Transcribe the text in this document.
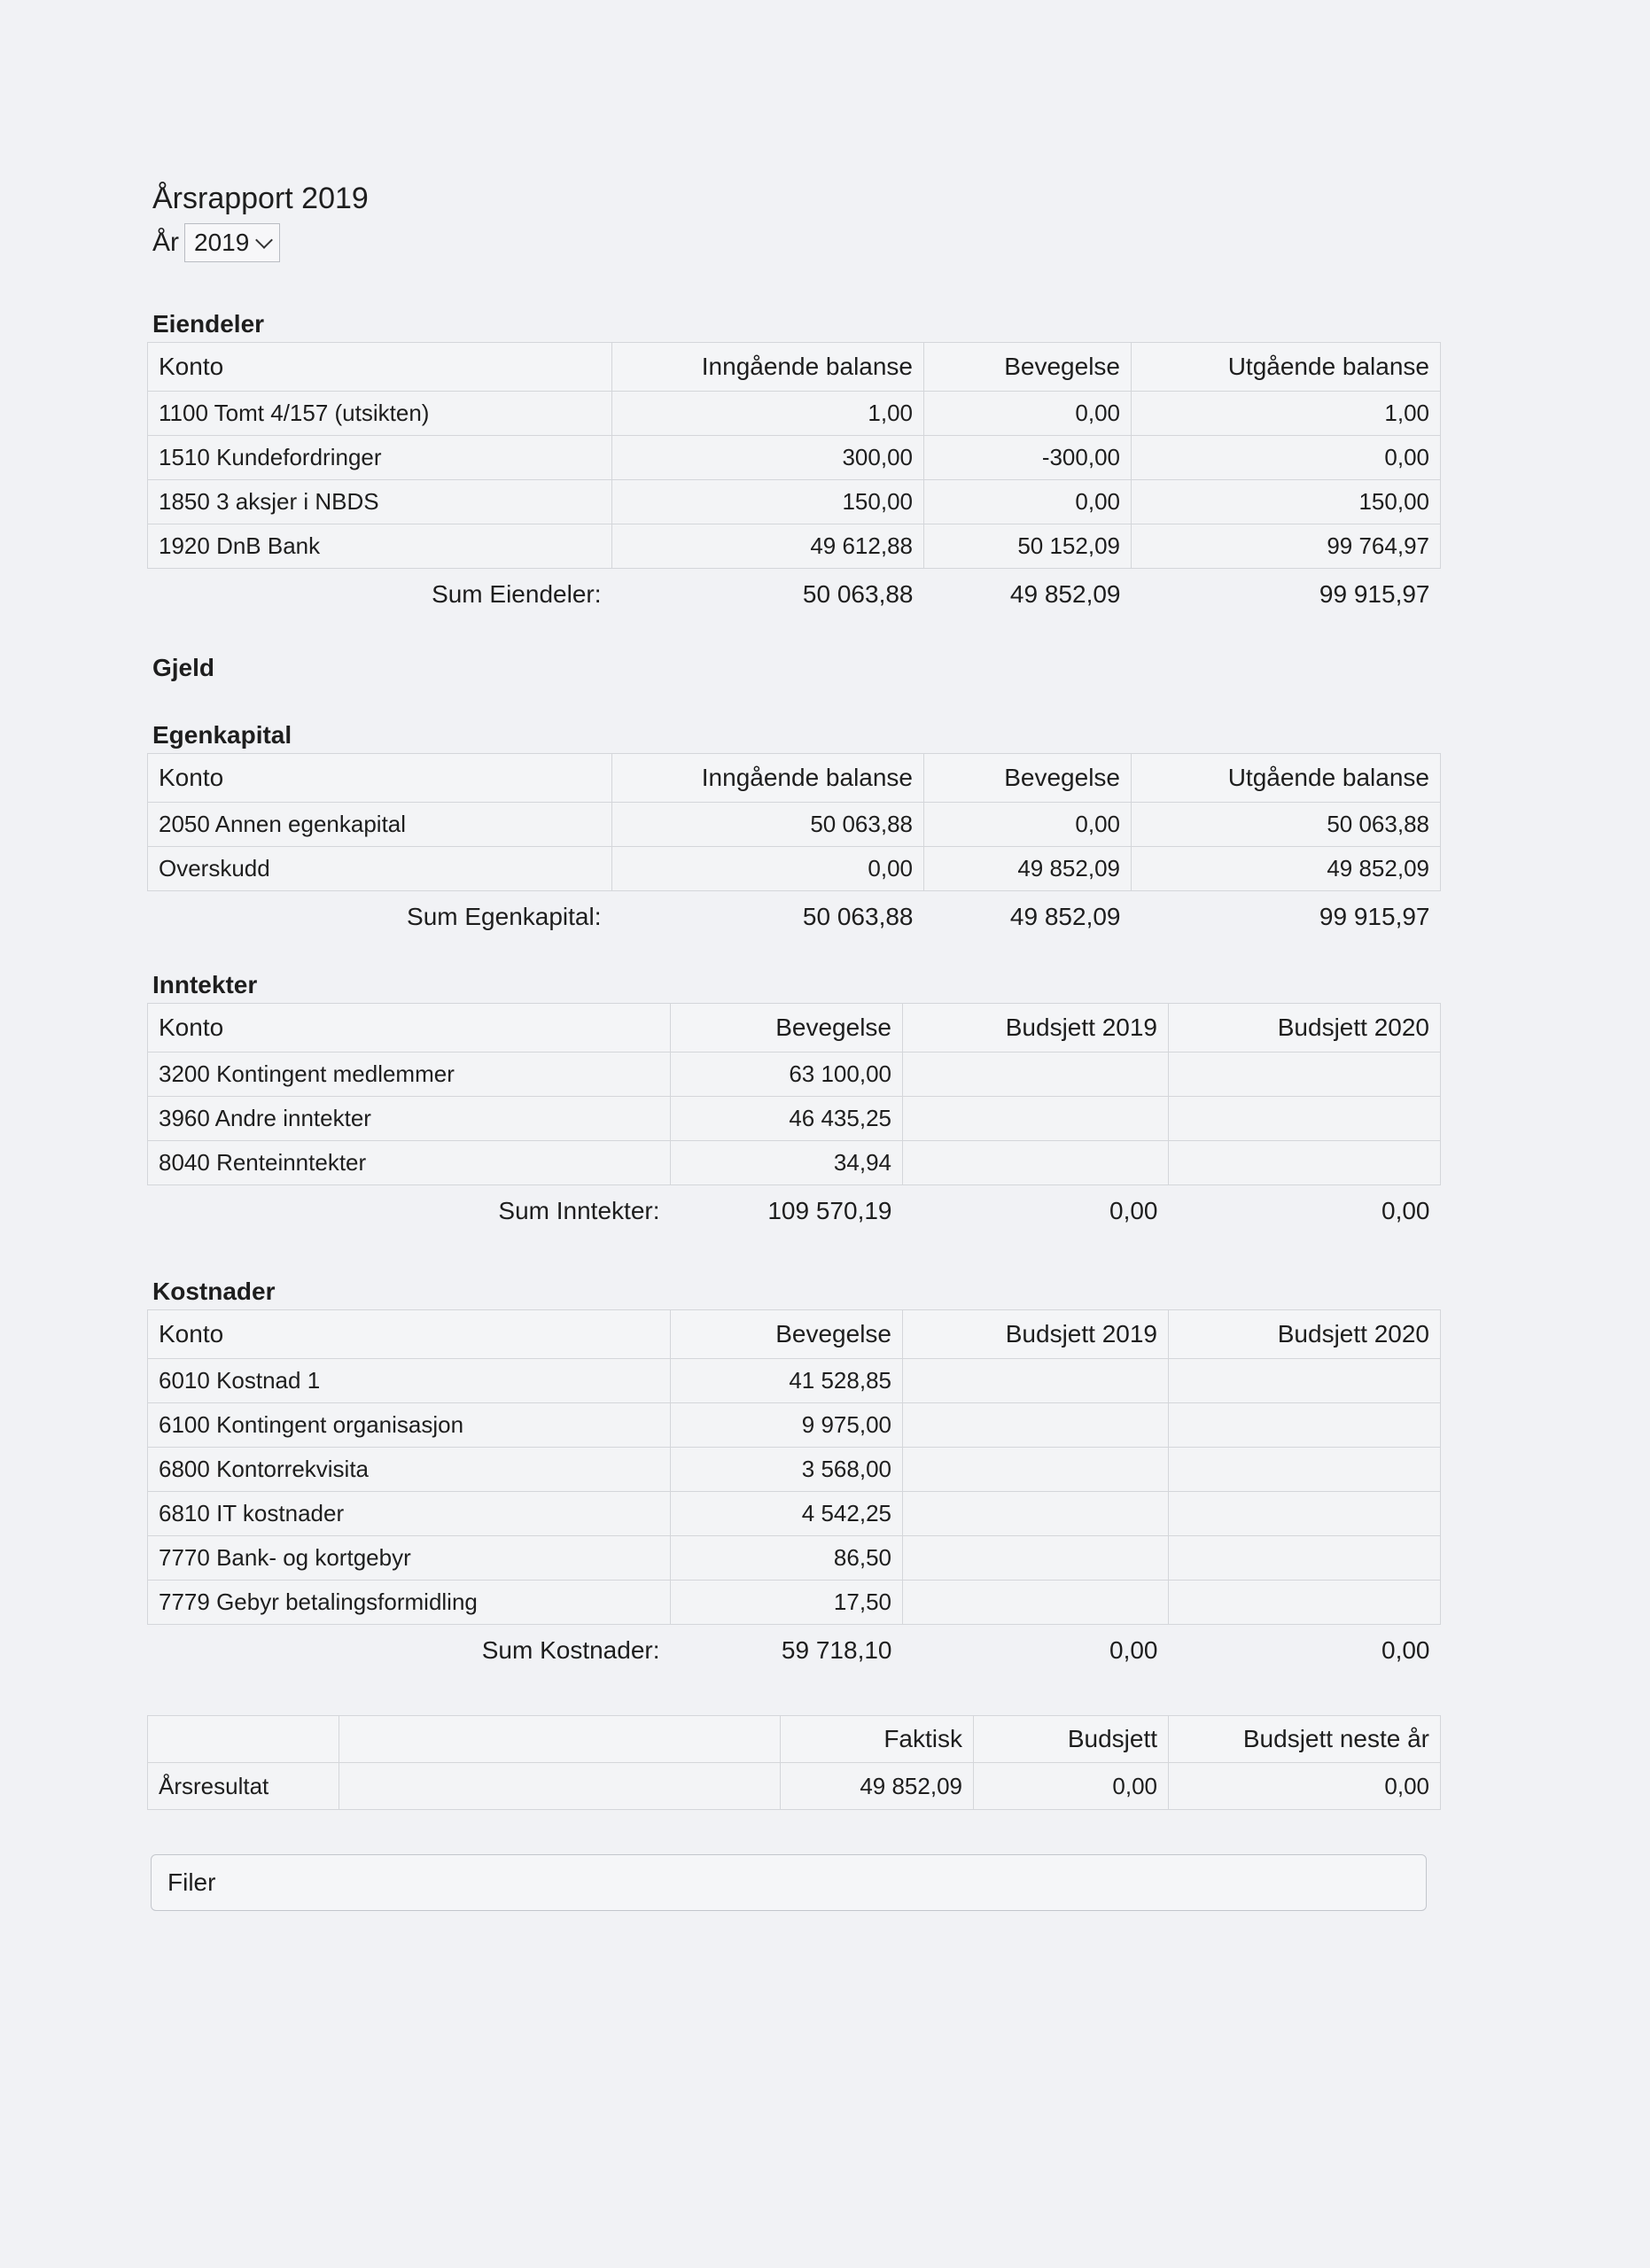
Årsrapport 2019
År 2019
Eiendeler
Konto	Inngående balanse	Bevegelse	Utgående balanse
1100 Tomt 4/157 (utsikten)	1,00	0,00	1,00
1510 Kundefordringer	300,00	-300,00	0,00
1850 3 aksjer i NBDS	150,00	0,00	150,00
1920 DnB Bank	49 612,88	50 152,09	99 764,97
Sum Eiendeler:	50 063,88	49 852,09	99 915,97
Gjeld
Egenkapital
Konto	Inngående balanse	Bevegelse	Utgående balanse
2050 Annen egenkapital	50 063,88	0,00	50 063,88
Overskudd	0,00	49 852,09	49 852,09
Sum Egenkapital:	50 063,88	49 852,09	99 915,97
Inntekter
Konto	Bevegelse	Budsjett 2019	Budsjett 2020
3200 Kontingent medlemmer	63 100,00		
3960 Andre inntekter	46 435,25		
8040 Renteinntekter	34,94		
Sum Inntekter:	109 570,19	0,00	0,00
Kostnader
Konto	Bevegelse	Budsjett 2019	Budsjett 2020
6010 Kostnad 1	41 528,85		
6100 Kontingent organisasjon	9 975,00		
6800 Kontorrekvisita	3 568,00		
6810 IT kostnader	4 542,25		
7770 Bank- og kortgebyr	86,50		
7779 Gebyr betalingsformidling	17,50		
Sum Kostnader:	59 718,10	0,00	0,00
		Faktisk	Budsjett	Budsjett neste år
Årsresultat		49 852,09	0,00	0,00
Filer
